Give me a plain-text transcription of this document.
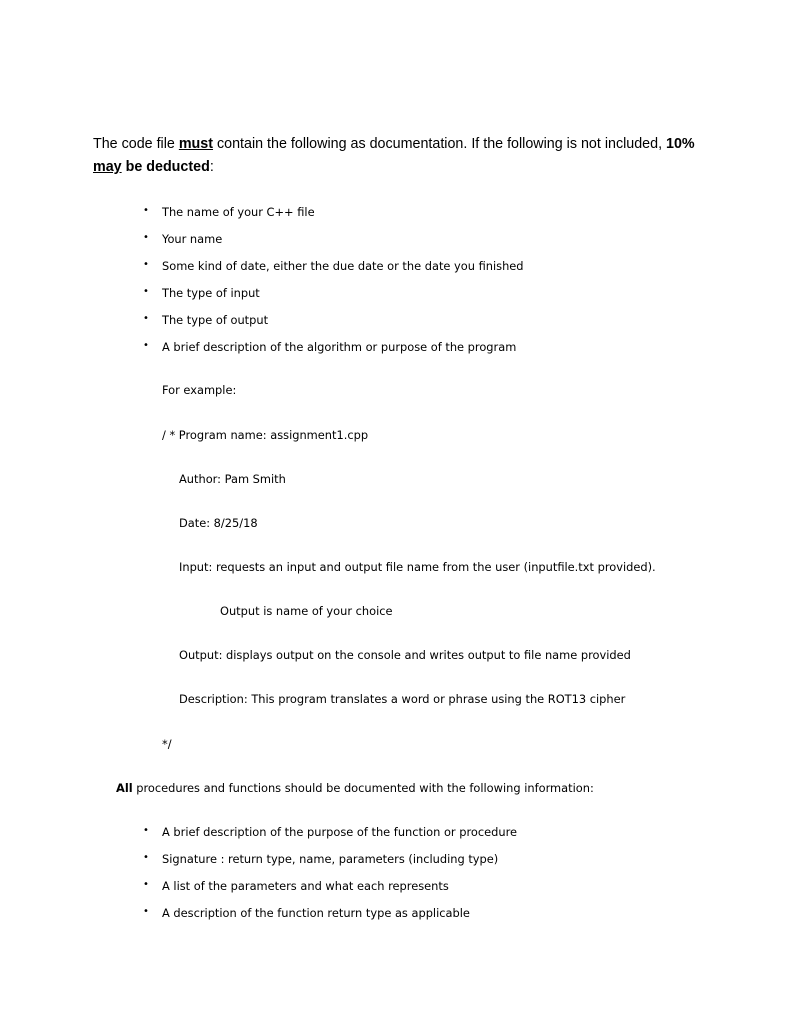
The code file must contain the following as documentation. If the following is not included, 10%
may be deducted:

• The name of your C++ file
• Your name
• Some kind of date, either the due date or the date you finished
• The type of input
• The type of output
• A brief description of the algorithm or purpose of the program

For example:

/ * Program name: assignment1.cpp

Author: Pam Smith

Date: 8/25/18

Input: requests an input and output file name from the user (inputfile.txt provided).

Output is name of your choice

Output: displays output on the console and writes output to file name provided

Description: This program translates a word or phrase using the ROT13 cipher

*/

All procedures and functions should be documented with the following information:

• A brief description of the purpose of the function or procedure
• Signature : return type, name, parameters (including type)
• A list of the parameters and what each represents
• A description of the function return type as applicable
